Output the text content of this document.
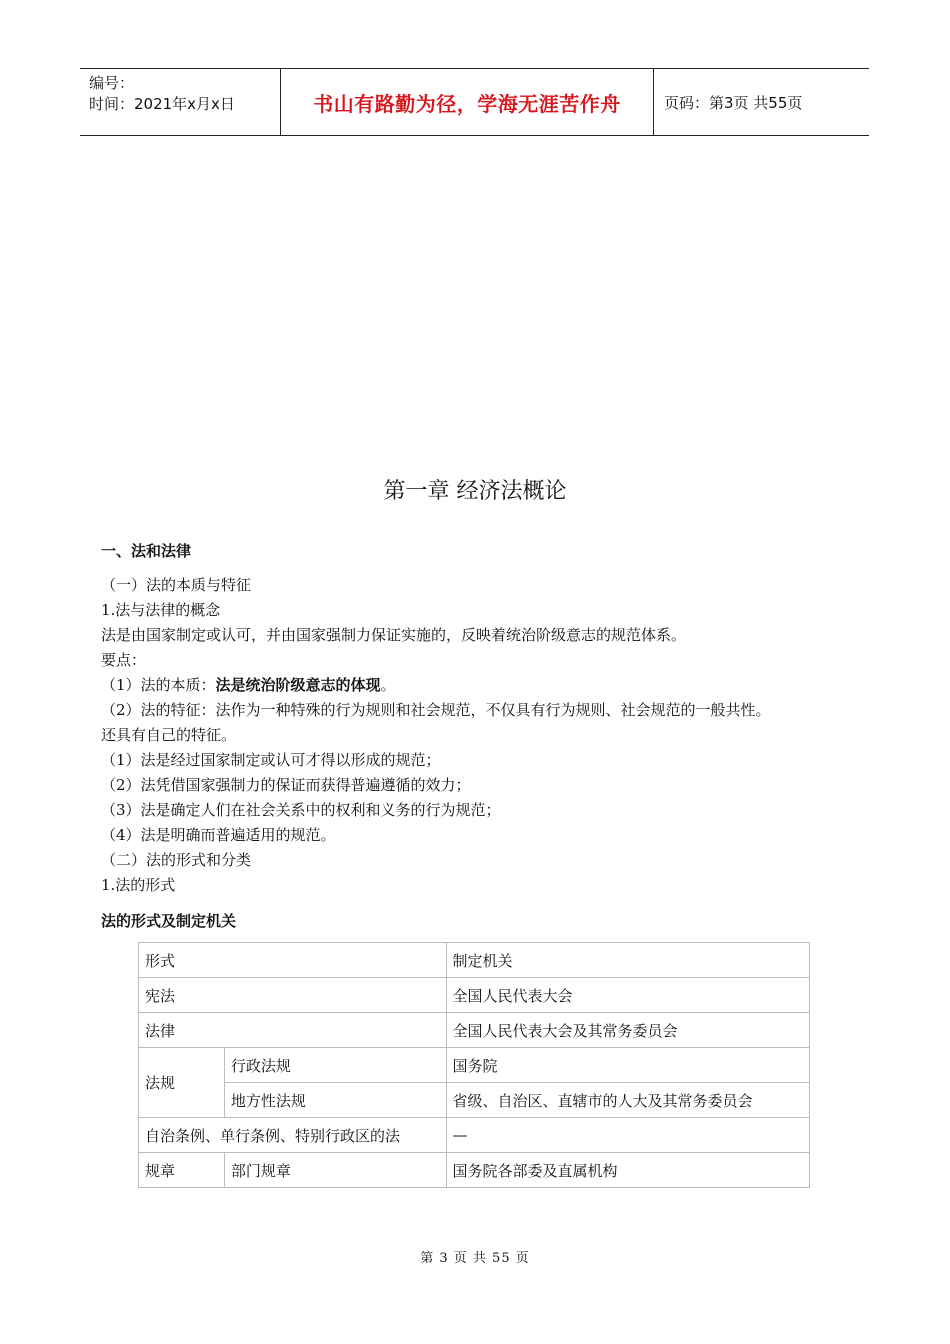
编号：
时间：2021年x月x日	书山有路勤为径，学海无涯苦作舟	页码：第3页 共55页
第一章 经济法概论

一、法和法律

（一）法的本质与特征

1.法与法律的概念

法是由国家制定或认可，并由国家强制力保证实施的，反映着统治阶级意志的规范体系。

要点：

（1）法的本质：法是统治阶级意志的体现。

（2）法的特征：法作为一种特殊的行为规则和社会规范，不仅具有行为规则、社会规范的一般共性。

还具有自己的特征。

（1）法是经过国家制定或认可才得以形成的规范；

（2）法凭借国家强制力的保证而获得普遍遵循的效力；

（3）法是确定人们在社会关系中的权利和义务的行为规范；

（4）法是明确而普遍适用的规范。

（二）法的形式和分类

1.法的形式

法的形式及制定机关
形式		制定机关
宪法		全国人民代表大会
法律		全国人民代表大会及其常务委员会
法规	行政法规	国务院
	地方性法规	省级、自治区、直辖市的人大及其常务委员会
自治条例、单行条例、特别行政区的法		—
规章	部门规章	国务院各部委及直属机构
第 3 页 共 55 页
